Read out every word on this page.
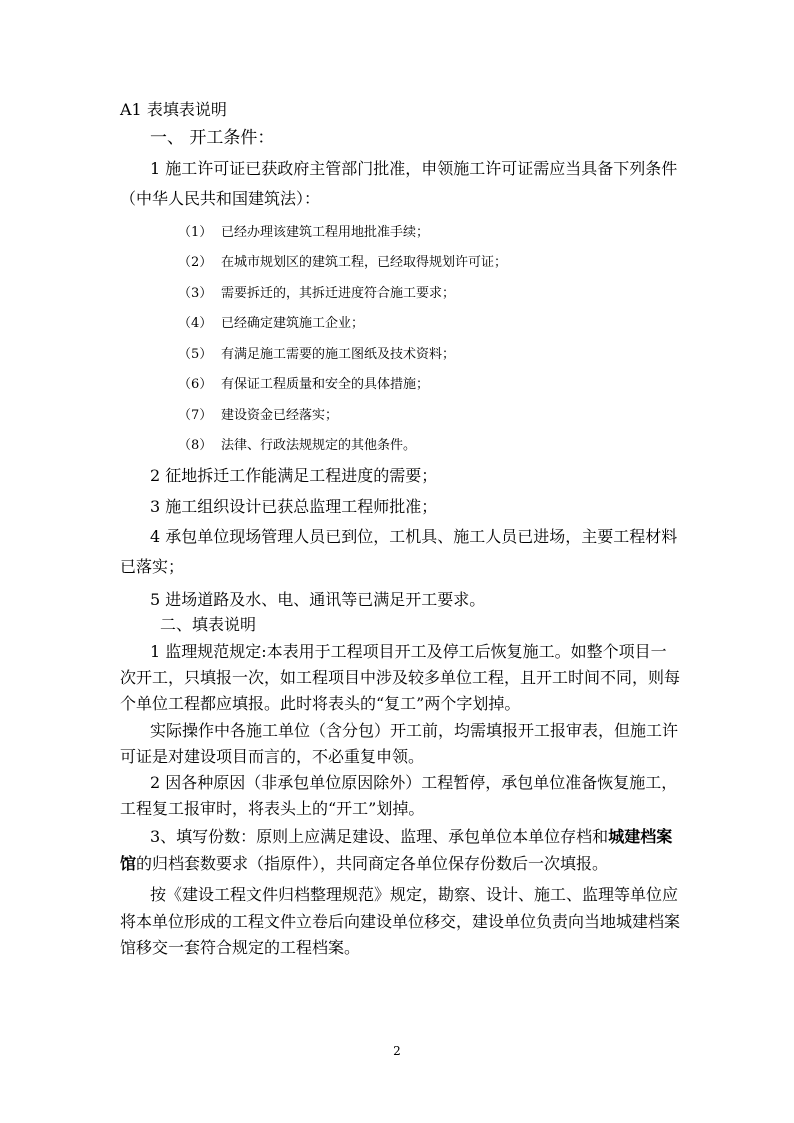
A1 表填表说明
一、 开工条件：
1 施工许可证已获政府主管部门批准，申领施工许可证需应当具备下列条件
（中华人民共和国建筑法）：
（1） 已经办理该建筑工程用地批准手续；
（2） 在城市规划区的建筑工程，已经取得规划许可证；
（3） 需要拆迁的，其拆迁进度符合施工要求；
（4） 已经确定建筑施工企业；
（5） 有满足施工需要的施工图纸及技术资料；
（6） 有保证工程质量和安全的具体措施；
（7） 建设资金已经落实；
（8） 法律、行政法规规定的其他条件。
2 征地拆迁工作能满足工程进度的需要；
3 施工组织设计已获总监理工程师批准；
4 承包单位现场管理人员已到位，工机具、施工人员已进场，主要工程材料
已落实；
5 进场道路及水、电、通讯等已满足开工要求。
二、填表说明
1 监理规范规定:本表用于工程项目开工及停工后恢复施工。如整个项目一
次开工，只填报一次，如工程项目中涉及较多单位工程，且开工时间不同，则每
个单位工程都应填报。此时将表头的“复工”两个字划掉。
实际操作中各施工单位（含分包）开工前，均需填报开工报审表，但施工许
可证是对建设项目而言的，不必重复申领。
2 因各种原因（非承包单位原因除外）工程暂停，承包单位准备恢复施工，
工程复工报审时，将表头上的“开工”划掉。
3、填写份数：原则上应满足建设、监理、承包单位本单位存档和城建档案
馆的归档套数要求（指原件），共同商定各单位保存份数后一次填报。
按《建设工程文件归档整理规范》规定，勘察、设计、施工、监理等单位应
将本单位形成的工程文件立卷后向建设单位移交，建设单位负责向当地城建档案
馆移交一套符合规定的工程档案。
2
